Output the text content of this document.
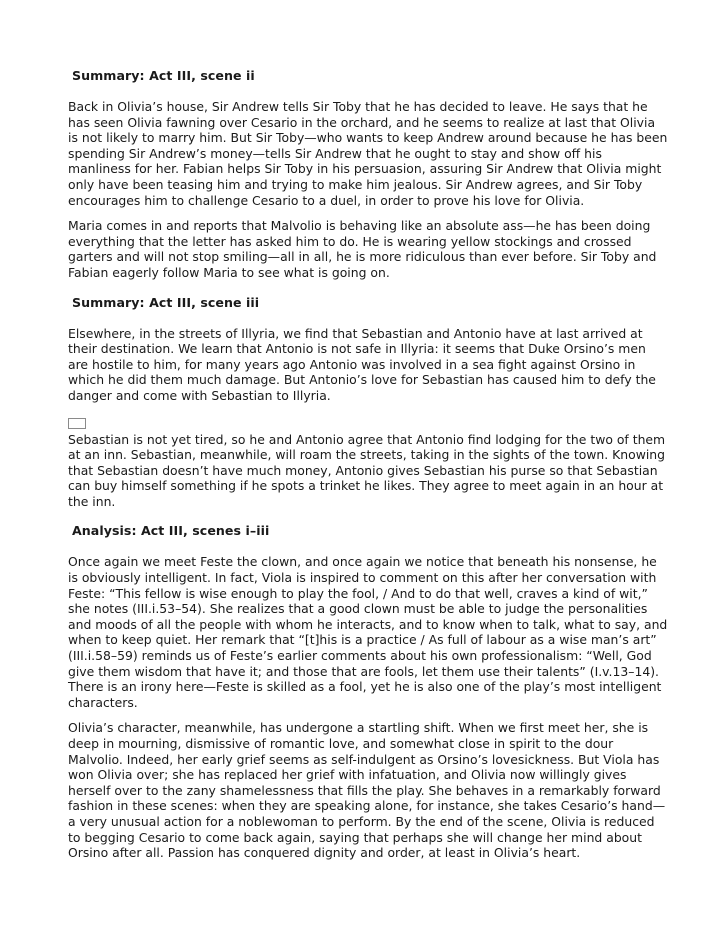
Summary: Act III, scene ii

Back in Olivia’s house, Sir Andrew tells Sir Toby that he has decided to leave. He says that he has seen Olivia fawning over Cesario in the orchard, and he seems to realize at last that Olivia is not likely to marry him. But Sir Toby—who wants to keep Andrew around because he has been spending Sir Andrew’s money—tells Sir Andrew that he ought to stay and show off his manliness for her. Fabian helps Sir Toby in his persuasion, assuring Sir Andrew that Olivia might only have been teasing him and trying to make him jealous. Sir Andrew agrees, and Sir Toby encourages him to challenge Cesario to a duel, in order to prove his love for Olivia.

Maria comes in and reports that Malvolio is behaving like an absolute ass—he has been doing everything that the letter has asked him to do. He is wearing yellow stockings and crossed garters and will not stop smiling—all in all, he is more ridiculous than ever before. Sir Toby and Fabian eagerly follow Maria to see what is going on.

Summary: Act III, scene iii

Elsewhere, in the streets of Illyria, we find that Sebastian and Antonio have at last arrived at their destination. We learn that Antonio is not safe in Illyria: it seems that Duke Orsino’s men are hostile to him, for many years ago Antonio was involved in a sea fight against Orsino in which he did them much damage. But Antonio’s love for Sebastian has caused him to defy the danger and come with Sebastian to Illyria.

Sebastian is not yet tired, so he and Antonio agree that Antonio find lodging for the two of them at an inn. Sebastian, meanwhile, will roam the streets, taking in the sights of the town. Knowing that Sebastian doesn’t have much money, Antonio gives Sebastian his purse so that Sebastian can buy himself something if he spots a trinket he likes. They agree to meet again in an hour at the inn.

Analysis: Act III, scenes i–iii

Once again we meet Feste the clown, and once again we notice that beneath his nonsense, he is obviously intelligent. In fact, Viola is inspired to comment on this after her conversation with Feste: “This fellow is wise enough to play the fool, / And to do that well, craves a kind of wit,” she notes (III.i.53–54). She realizes that a good clown must be able to judge the personalities and moods of all the people with whom he interacts, and to know when to talk, what to say, and when to keep quiet. Her remark that “[t]his is a practice / As full of labour as a wise man’s art” (III.i.58–59) reminds us of Feste’s earlier comments about his own professionalism: “Well, God give them wisdom that have it; and those that are fools, let them use their talents” (I.v.13–14). There is an irony here—Feste is skilled as a fool, yet he is also one of the play’s most intelligent characters.

Olivia’s character, meanwhile, has undergone a startling shift. When we first meet her, she is deep in mourning, dismissive of romantic love, and somewhat close in spirit to the dour Malvolio. Indeed, her early grief seems as self-indulgent as Orsino’s lovesickness. But Viola has won Olivia over; she has replaced her grief with infatuation, and Olivia now willingly gives herself over to the zany shamelessness that fills the play. She behaves in a remarkably forward fashion in these scenes: when they are speaking alone, for instance, she takes Cesario’s hand—a very unusual action for a noblewoman to perform. By the end of the scene, Olivia is reduced to begging Cesario to come back again, saying that perhaps she will change her mind about Orsino after all. Passion has conquered dignity and order, at least in Olivia’s heart.
